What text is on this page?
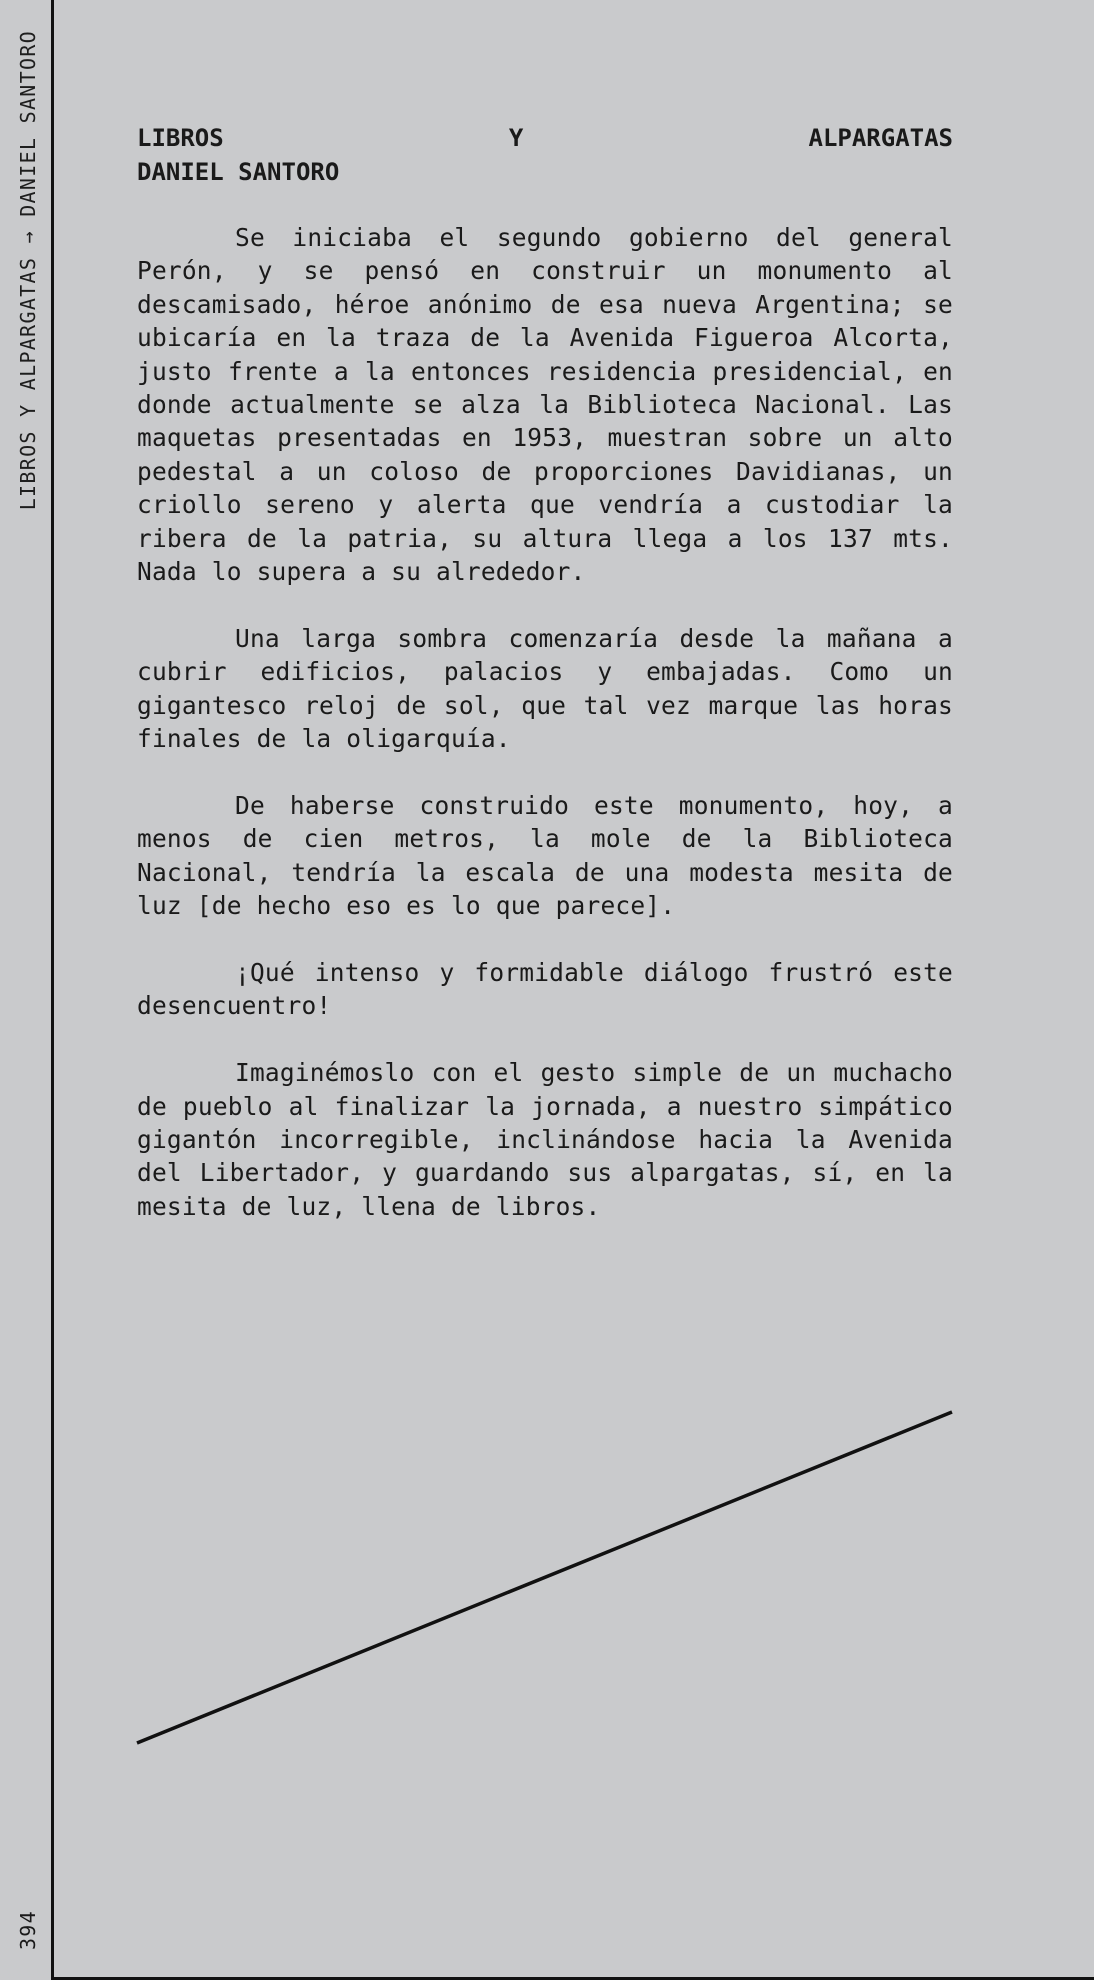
LIBROS Y ALPARGATAS → DANIEL SANTORO
394
LIBROS	Y	ALPARGATAS
DANIEL SANTORO

Se iniciaba el segundo gobierno del general Perón, y se pensó en construir un monumento al descamisado, héroe anónimo de esa nueva Argentina; se ubicaría en la traza de la Avenida Figueroa Alcorta, justo frente a la entonces residencia presidencial, en donde actualmente se alza la Biblioteca Nacional. Las maquetas presentadas en 1953, muestran sobre un alto pedestal a un coloso de proporciones Davidianas, un criollo sereno y alerta que vendría a custodiar la ribera de la patria, su altura llega a los 137 mts. Nada lo supera a su alrededor.

Una larga sombra comenzaría desde la mañana a cubrir edificios, palacios y embajadas. Como un gigantesco reloj de sol, que tal vez marque las horas finales de la oligarquía.

De haberse construido este monumento, hoy, a menos de cien metros, la mole de la Biblioteca Nacional, tendría la escala de una modesta mesita de luz [de hecho eso es lo que parece].

¡Qué intenso y formidable diálogo frustró este desencuentro!

Imaginémoslo con el gesto simple de un muchacho de pueblo al finalizar la jornada, a nuestro simpático gigantón incorregible, inclinándose hacia la Avenida del Libertador, y guardando sus alpargatas, sí, en la mesita de luz, llena de libros.
